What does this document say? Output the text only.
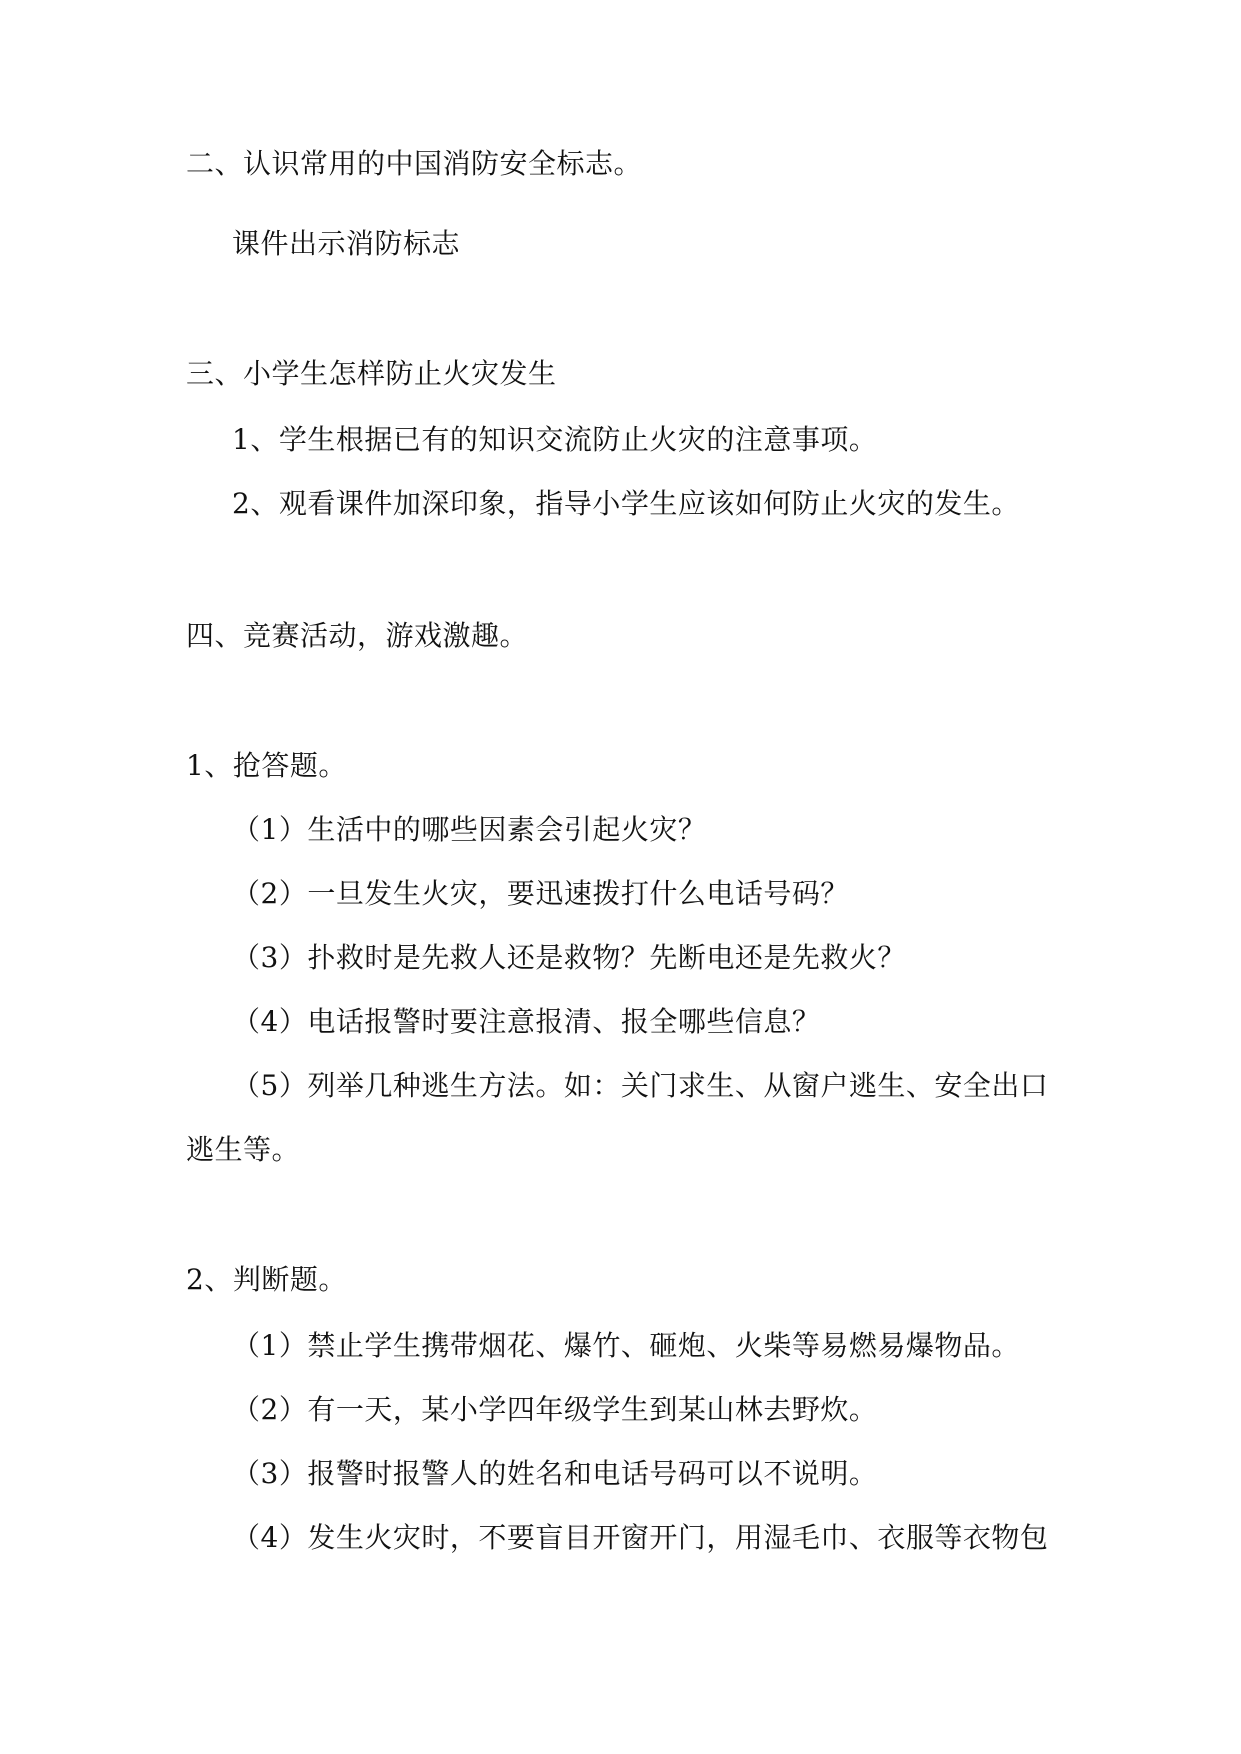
二、认识常用的中国消防安全标志。
课件出示消防标志
三、小学生怎样防止火灾发生
1、学生根据已有的知识交流防止火灾的注意事项。
2、观看课件加深印象，指导小学生应该如何防止火灾的发生。
四、竞赛活动，游戏激趣。
1、抢答题。
（1）生活中的哪些因素会引起火灾？
（2）一旦发生火灾，要迅速拨打什么电话号码？
（3）扑救时是先救人还是救物？先断电还是先救火？
（4）电话报警时要注意报清、报全哪些信息？
（5）列举几种逃生方法。如：关门求生、从窗户逃生、安全出口
逃生等。
2、判断题。
（1）禁止学生携带烟花、爆竹、砸炮、火柴等易燃易爆物品。
（2）有一天，某小学四年级学生到某山林去野炊。
（3）报警时报警人的姓名和电话号码可以不说明。
（4）发生火灾时，不要盲目开窗开门，用湿毛巾、衣服等衣物包
